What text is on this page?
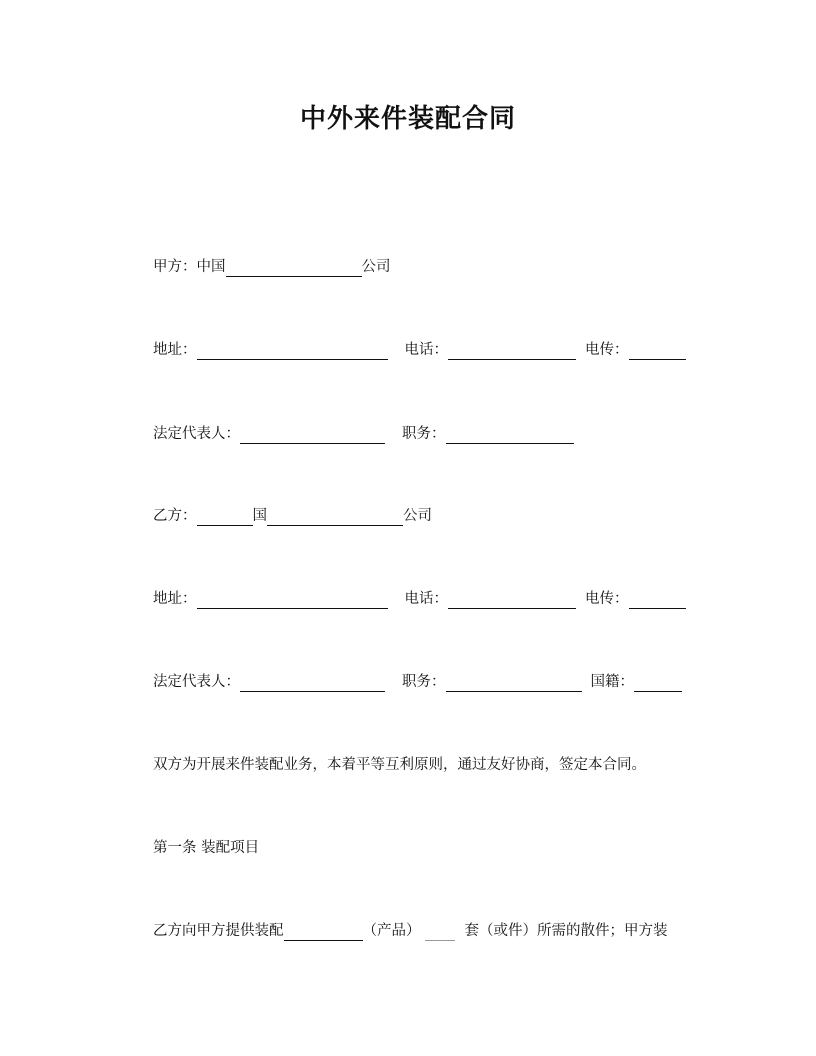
中外来件装配合同
甲方：中国	公司
地址：	电话：	电传：
法定代表人：	职务：
乙方：	国	公司
地址：	电话：	电传：
法定代表人：	职务：	国籍：
双方为开展来件装配业务，本着平等互利原则，通过友好协商，签定本合同。
第一条 装配项目
乙方向甲方提供装配	（产品）	套（或件）所需的散件；甲方装
